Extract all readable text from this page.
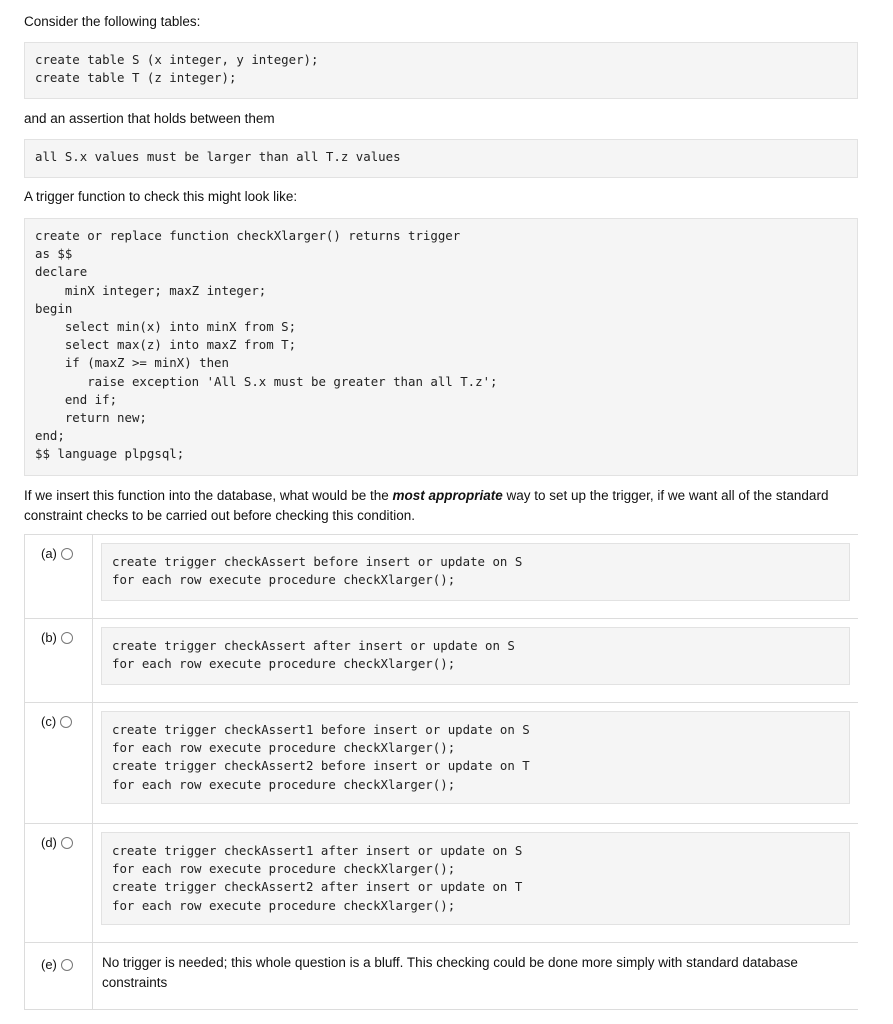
Consider the following tables:

create table S (x integer, y integer);
create table T (z integer);

and an assertion that holds between them

all S.x values must be larger than all T.z values

A trigger function to check this might look like:

create or replace function checkXlarger() returns trigger
as $$
declare
minX integer; maxZ integer;
begin
select min(x) into minX from S;
select max(z) into maxZ from T;
if (maxZ >= minX) then
raise exception 'All S.x must be greater than all T.z';
end if;
return new;
end;
$$ language plpgsql;
If we insert this function into the database, what would be the most appropriate way to set up the trigger, if we want all of the standard constraint checks to be carried out before checking this condition.
(a)
create trigger checkAssert before insert or update on S
for each row execute procedure checkXlarger();
(b)
create trigger checkAssert after insert or update on S
for each row execute procedure checkXlarger();
(c)
create trigger checkAssert1 before insert or update on S
for each row execute procedure checkXlarger();
create trigger checkAssert2 before insert or update on T
for each row execute procedure checkXlarger();
(d)
create trigger checkAssert1 after insert or update on S
for each row execute procedure checkXlarger();
create trigger checkAssert2 after insert or update on T
for each row execute procedure checkXlarger();
(e)	No trigger is needed; this whole question is a bluff. This checking could be done more simply with standard database constraints
